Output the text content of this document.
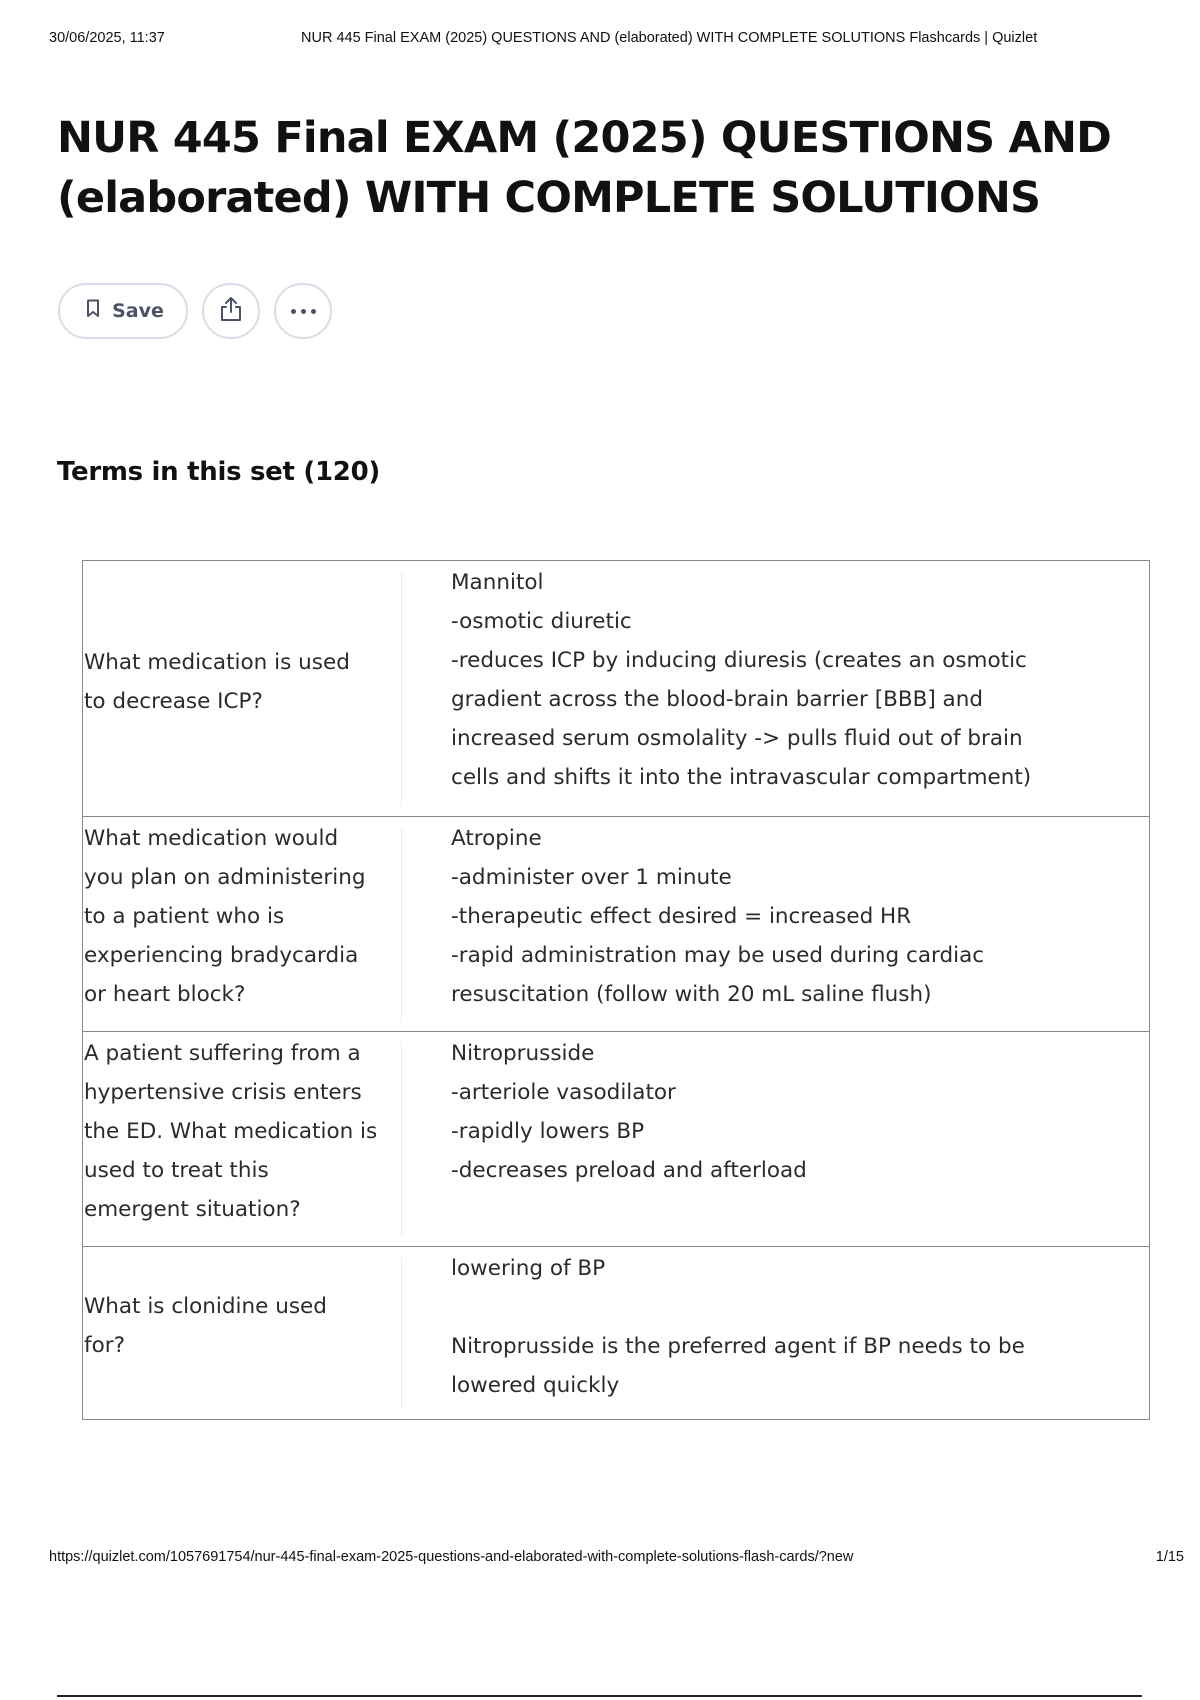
30/06/2025, 11:37	NUR 445 Final EXAM (2025) QUESTIONS AND (elaborated) WITH COMPLETE SOLUTIONS Flashcards | Quizlet
NUR 445 Final EXAM (2025) QUESTIONS AND
(elaborated) WITH COMPLETE SOLUTIONS
Save
Terms in this set (120)
What medication is used
to decrease ICP?
Mannitol
-osmotic diuretic
-reduces ICP by inducing diuresis (creates an osmotic
gradient across the blood-brain barrier [BBB] and
increased serum osmolality -> pulls fluid out of brain
cells and shifts it into the intravascular compartment)
What medication would
you plan on administering
to a patient who is
experiencing bradycardia
or heart block?
Atropine
-administer over 1 minute
-therapeutic effect desired = increased HR
-rapid administration may be used during cardiac
resuscitation (follow with 20 mL saline flush)
A patient suffering from a
hypertensive crisis enters
the ED. What medication is
used to treat this
emergent situation?
Nitroprusside
-arteriole vasodilator
-rapidly lowers BP
-decreases preload and afterload
What is clonidine used
for?
lowering of BP
Nitroprusside is the preferred agent if BP needs to be
lowered quickly
https://quizlet.com/1057691754/nur-445-final-exam-2025-questions-and-elaborated-with-complete-solutions-flash-cards/?new	1/15
